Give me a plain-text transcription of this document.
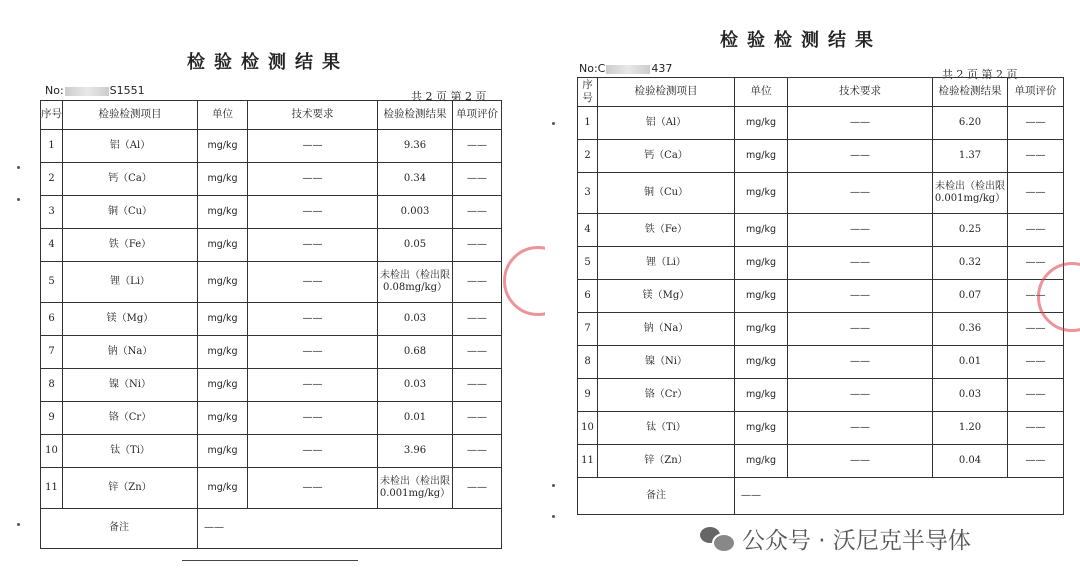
检验检测结果
No:	S1551	共 2 页 第 2 页
序号	检验检测项目	单位	技术要求	检验检测结果	单项评价
1	铝（Al）	mg/kg	——	9.36	——
2	钙（Ca）	mg/kg	——	0.34	——
3	铜（Cu）	mg/kg	——	0.003	——
4	铁（Fe）	mg/kg	——	0.05	——
5	锂（Li）	mg/kg	——	未检出（检出限0.08mg/kg）	——
6	镁（Mg）	mg/kg	——	0.03	——
7	钠（Na）	mg/kg	——	0.68	——
8	镍（Ni）	mg/kg	——	0.03	——
9	铬（Cr）	mg/kg	——	0.01	——
10	钛（Ti）	mg/kg	——	3.96	——
11	锌（Zn）	mg/kg	——	未检出（检出限0.001mg/kg）	——
备注		——			
检验检测结果
No:C	437	共 2 页 第 2 页
序号	检验检测项目	单位	技术要求	检验检测结果	单项评价
1	铝（Al）	mg/kg	——	6.20	——
2	钙（Ca）	mg/kg	——	1.37	——
3	铜（Cu）	mg/kg	——	未检出（检出限0.001mg/kg）	——
4	铁（Fe）	mg/kg	——	0.25	——
5	锂（Li）	mg/kg	——	0.32	——
6	镁（Mg）	mg/kg	——	0.07	——
7	钠（Na）	mg/kg	——	0.36	——
8	镍（Ni）	mg/kg	——	0.01	——
9	铬（Cr）	mg/kg	——	0.03	——
10	钛（Ti）	mg/kg	——	1.20	——
11	锌（Zn）	mg/kg	——	0.04	——
备注		——			
公众号 · 沃尼克半导体
